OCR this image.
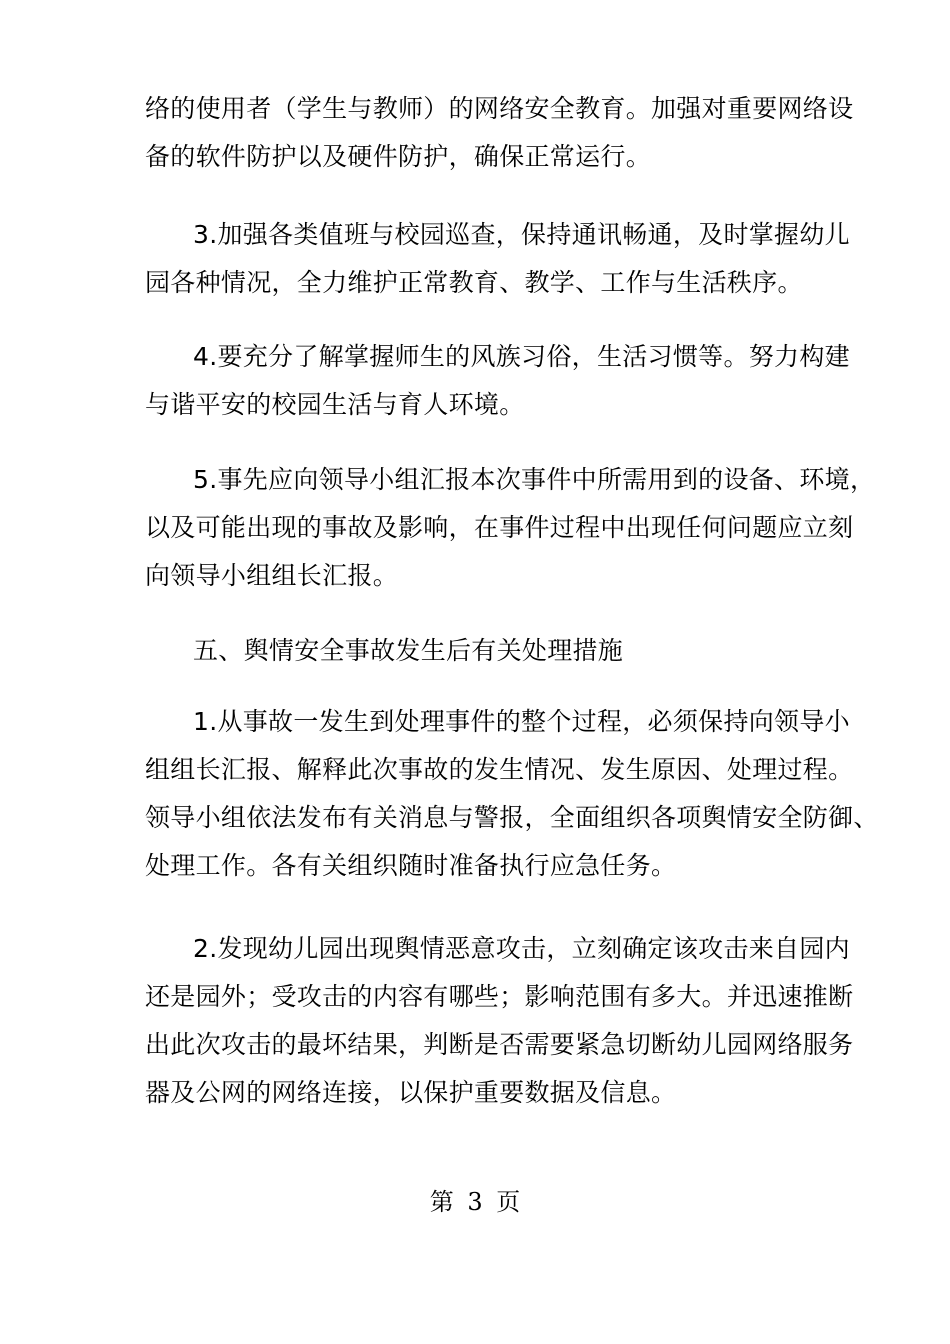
络的使用者（学生与教师）的网络安全教育。加强对重要网络设
备的软件防护以及硬件防护，确保正常运行。
3.加强各类值班与校园巡查，保持通讯畅通，及时掌握幼儿
园各种情况，全力维护正常教育、教学、工作与生活秩序。
4.要充分了解掌握师生的风族习俗，生活习惯等。努力构建
与谐平安的校园生活与育人环境。
5.事先应向领导小组汇报本次事件中所需用到的设备、环境，
以及可能出现的事故及影响，在事件过程中出现任何问题应立刻
向领导小组组长汇报。
五、舆情安全事故发生后有关处理措施
1.从事故一发生到处理事件的整个过程，必须保持向领导小
组组长汇报、解释此次事故的发生情况、发生原因、处理过程。
领导小组依法发布有关消息与警报，全面组织各项舆情安全防御、
处理工作。各有关组织随时准备执行应急任务。
2.发现幼儿园出现舆情恶意攻击，立刻确定该攻击来自园内
还是园外；受攻击的内容有哪些；影响范围有多大。并迅速推断
出此次攻击的最坏结果，判断是否需要紧急切断幼儿园网络服务
器及公网的网络连接，以保护重要数据及信息。
第 3 页
